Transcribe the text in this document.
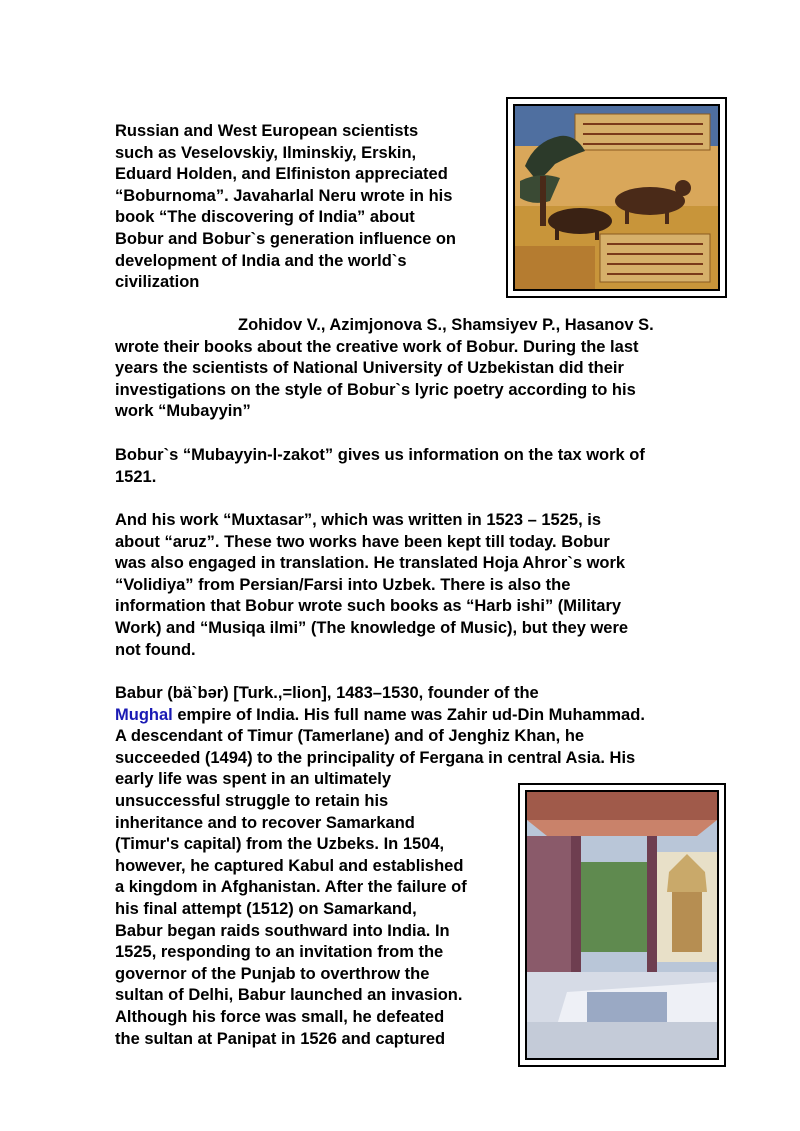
Russian and West European scientists
such as Veselovskiy, Ilminskiy, Erskin,
Eduard Holden, and Elfiniston appreciated
“Boburnoma”. Javaharlal Neru wrote in his
book “The discovering of India” about
Bobur and Bobur`s generation influence on
development of India and the world`s
civilization
Zohidov V., Azimjonova S., Shamsiyev P., Hasanov S.
wrote their books about the creative work of Bobur. During the last
years the scientists of National University of Uzbekistan did their
investigations on the style of Bobur`s lyric poetry according to his
work “Mubayyin”
Bobur`s “Mubayyin-l-zakot” gives us information on the tax work of
1521.
And his work “Muxtasar”, which was written in 1523 – 1525, is
about “aruz”. These two works have been kept till today. Bobur
was also engaged in translation. He translated Hoja Ahror`s work
“Volidiya” from Persian/Farsi into Uzbek. There is also the
information that Bobur wrote such books as “Harb ishi” (Military
Work) and “Musiqa ilmi” (The knowledge of Music), but they were
not found.
Babur (bä`bər) [Turk.,=lion], 1483–1530, founder of the
Mughal empire of India. His full name was Zahir ud-Din Muhammad.
A descendant of Timur (Tamerlane) and of Jenghiz Khan, he
succeeded (1494) to the principality of Fergana in central Asia. His
early life was spent in an ultimately
unsuccessful struggle to retain his
inheritance and to recover Samarkand
(Timur's capital) from the Uzbeks. In 1504,
however, he captured Kabul and established
a kingdom in Afghanistan. After the failure of
his final attempt (1512) on Samarkand,
Babur began raids southward into India. In
1525, responding to an invitation from the
governor of the Punjab to overthrow the
sultan of Delhi, Babur launched an invasion.
Although his force was small, he defeated
the sultan at Panipat in 1526 and captured
